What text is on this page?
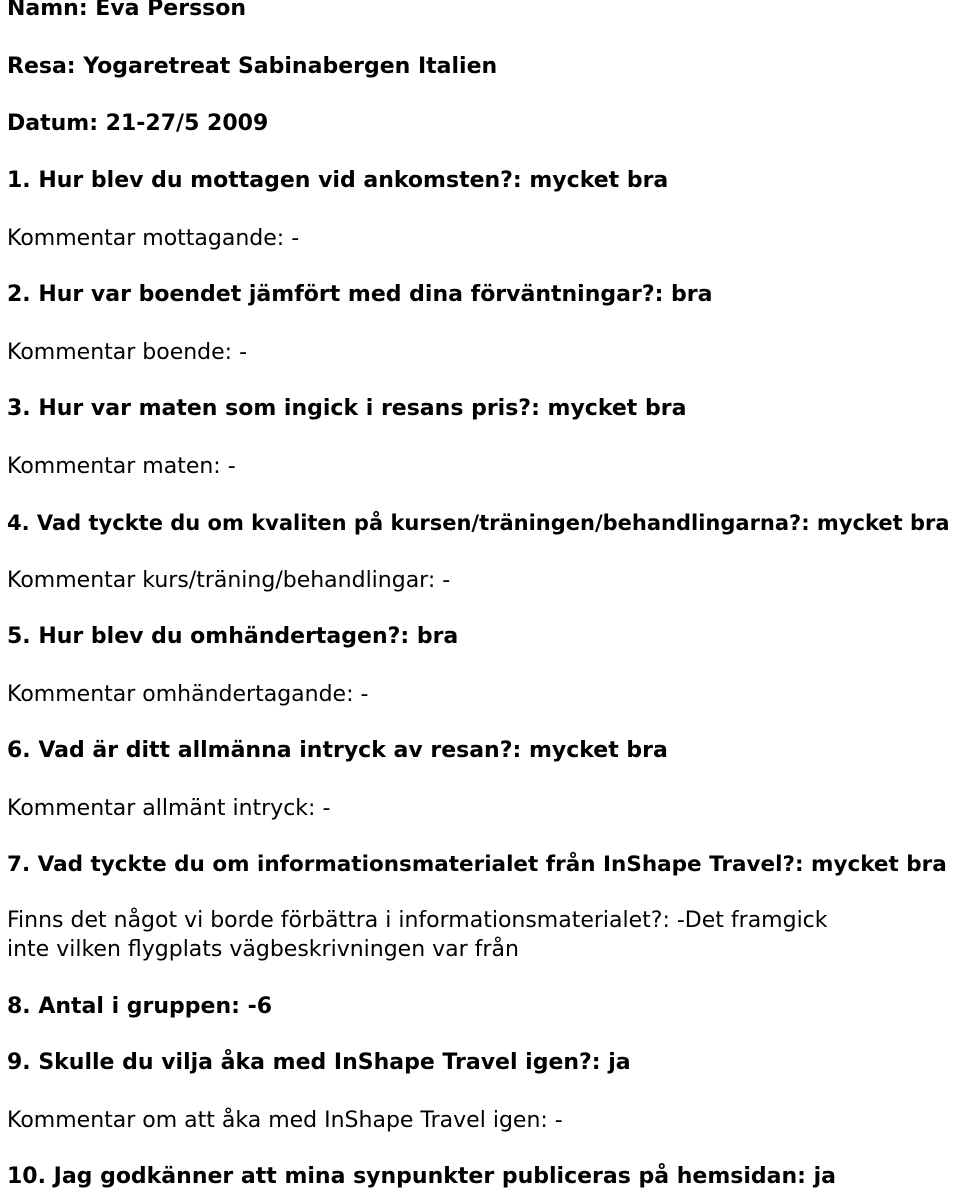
Namn: Eva Persson
Resa: Yogaretreat Sabinabergen Italien
Datum: 21-27/5 2009
1. Hur blev du mottagen vid ankomsten?: mycket bra
Kommentar mottagande: -
2. Hur var boendet jämfört med dina förväntningar?: bra
Kommentar boende: -
3. Hur var maten som ingick i resans pris?: mycket bra
Kommentar maten: -
4. Vad tyckte du om kvaliten på kursen/träningen/behandlingarna?: mycket bra
Kommentar kurs/träning/behandlingar: -
5. Hur blev du omhändertagen?: bra
Kommentar omhändertagande: -
6. Vad är ditt allmänna intryck av resan?: mycket bra
Kommentar allmänt intryck: -
7. Vad tyckte du om informationsmaterialet från InShape Travel?: mycket bra
Finns det något vi borde förbättra i informationsmaterialet?: -Det framgick
inte vilken flygplats vägbeskrivningen var från
8. Antal i gruppen: -6
9. Skulle du vilja åka med InShape Travel igen?: ja
Kommentar om att åka med InShape Travel igen: -
10. Jag godkänner att mina synpunkter publiceras på hemsidan: ja
